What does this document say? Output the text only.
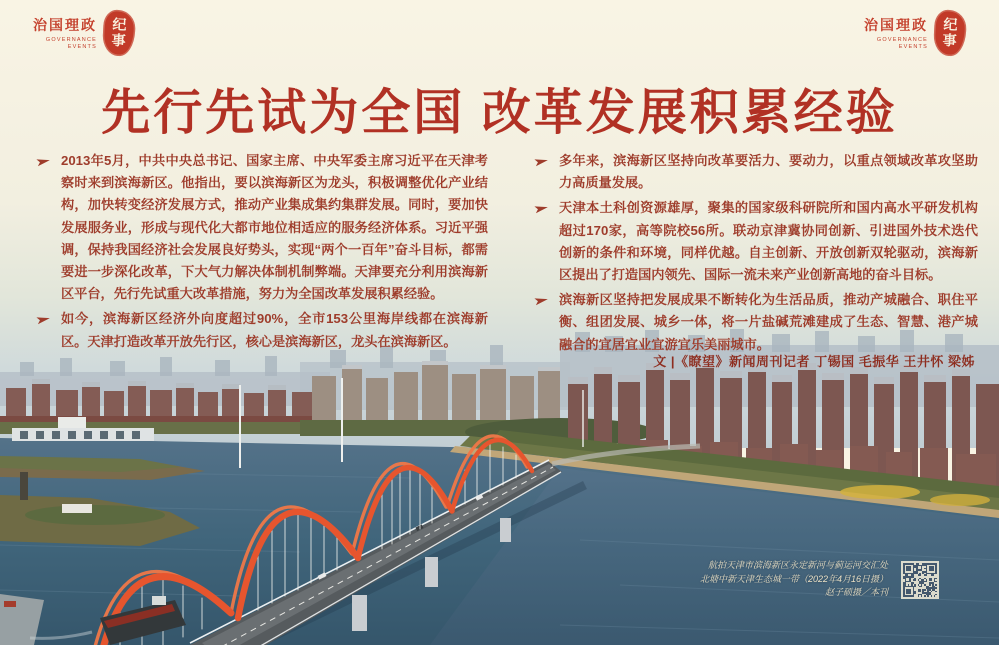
治国理政
GOVERNANCE
EVENTS 纪事	治国理政
GOVERNANCE
EVENTS 纪事
先行先试为全国 改革发展积累经验
2013年5月，中共中央总书记、国家主席、中央军委主席习近平在天津考察时来到滨海新区。他指出，要以滨海新区为龙头，积极调整优化产业结构，加快转变经济发展方式，推动产业集成集约集群发展。同时，要加快发展服务业，形成与现代化大都市地位相适应的服务经济体系。习近平强调，保持我国经济社会发展良好势头，实现“两个一百年”奋斗目标，都需要进一步深化改革，下大气力解决体制机制弊端。天津要充分利用滨海新区平台，先行先试重大改革措施，努力为全国改革发展积累经验。
如今，滨海新区经济外向度超过90%，全市153公里海岸线都在滨海新区。天津打造改革开放先行区，核心是滨海新区，龙头在滨海新区。
多年来，滨海新区坚持向改革要活力、要动力，以重点领域改革攻坚助力高质量发展。
天津本土科创资源雄厚，聚集的国家级科研院所和国内高水平研发机构超过170家，高等院校56所。联动京津冀协同创新、引进国外技术迭代创新的条件和环境，同样优越。自主创新、开放创新双轮驱动，滨海新区提出了打造国内领先、国际一流未来产业创新高地的奋斗目标。
滨海新区坚持把发展成果不断转化为生活品质，推动产城融合、职住平衡、组团发展、城乡一体，将一片盐碱荒滩建成了生态、智慧、港产城融合的宜居宜业宜游宜乐美丽城市。
文 |《瞭望》新闻周刊记者 丁锡国 毛振华 王井怀 梁姊
航拍天津市滨海新区永定新河与蓟运河交汇处
北塘中新天津生态城一带（2022年4月16日摄）
赵子硕摄／本刊
